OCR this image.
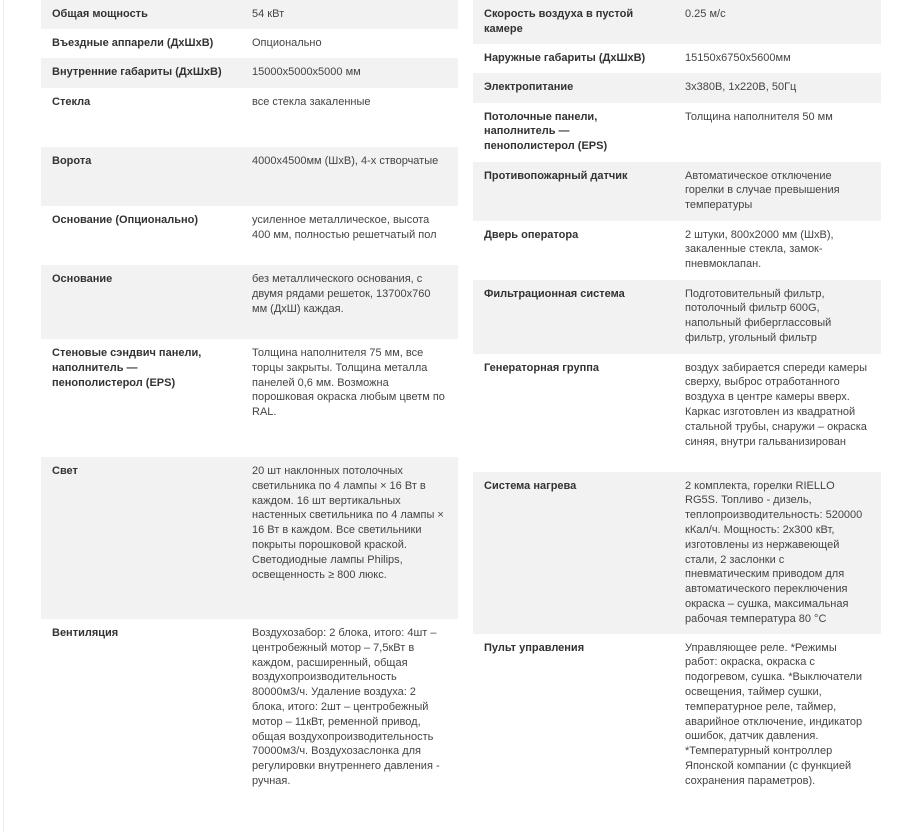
Общая мощность	54 кВт
Въездные аппарели (ДхШхВ)	Опционально
Внутренние габариты (ДхШхВ)	15000х5000х5000 мм
Стекла	все стекла закаленные
Ворота	4000х4500мм (ШхВ), 4-х створчатые
Основание (Опционально)	усиленное металлическое, высота 400 мм, полностью решетчатый пол
Основание	без металлического основания, с двумя рядами решеток, 13700х760 мм (ДхШ) каждая.
Стеновые сэндвич панели, наполнитель — пенополистерол (EPS)	Толщина наполнителя 75 мм, все торцы закрыты. Толщина металла панелей 0,6 мм. Возможна порошковая окраска любым цветм по RAL.
Свет	20 шт наклонных потолочных светильника по 4 лампы × 16 Вт в каждом. 16 шт вертикальных настенных светильника по 4 лампы × 16 Вт в каждом. Все светильники покрыты порошковой краской. Светодиодные лампы Philips, освещенность ≥ 800 люкс.
Вентиляция	Воздухозабор: 2 блока, итого: 4шт – центробежный мотор – 7,5кВт в каждом, расширенный, общая воздухопроизводительность 80000м3/ч. Удаление воздуха: 2 блока, итого: 2шт – центробежный мотор – 11кВт, ременной привод, общая воздухопроизводительность 70000м3/ч. Воздухозаслонка для регулировки внутреннего давления - ручная.
Скорость воздуха в пустой камере	0.25 м/с
Наружные габариты (ДхШхВ)	15150х6750х5600мм
Электропитание	3х380В, 1х220В, 50Гц
Потолочные панели, наполнитель — пенополистерол (EPS)	Толщина наполнителя 50 мм
Противопожарный датчик	Автоматическое отключение горелки в случае превышения температуры
Дверь оператора	2 штуки, 800х2000 мм (ШхВ), закаленные стекла, замок-пневмоклапан.
Фильтрационная система	Подготовительный фильтр, потолочный фильтр 600G, напольный фибергласcовый фильтр, угольный фильтр
Генераторная группа	воздух забирается спереди камеры сверху, выброс отработанного воздуха в центре камеры вверх. Каркас изготовлен из квадратной стальной трубы, снаружи – окраска синяя, внутри гальванизирован
Система нагрева	2 комплекта, горелки RIELLO RG5S. Топливо - дизель, теплопроизводительность: 520000 кКал/ч. Мощность: 2х300 кВт, изготовлены из нержавеющей стали, 2 заслонки с пневматическим приводом для автоматического переключения окраска – сушка, максимальная рабочая температура 80 °С
Пульт управления	Управляющее реле. *Режимы работ: окраска, окраска с подогревом, сушка. *Выключатели освещения, таймер сушки, температурное реле, таймер, аварийное отключение, индикатор ошибок, датчик давления. *Температурный контроллер Японской компании (с функцией сохранения параметров).
